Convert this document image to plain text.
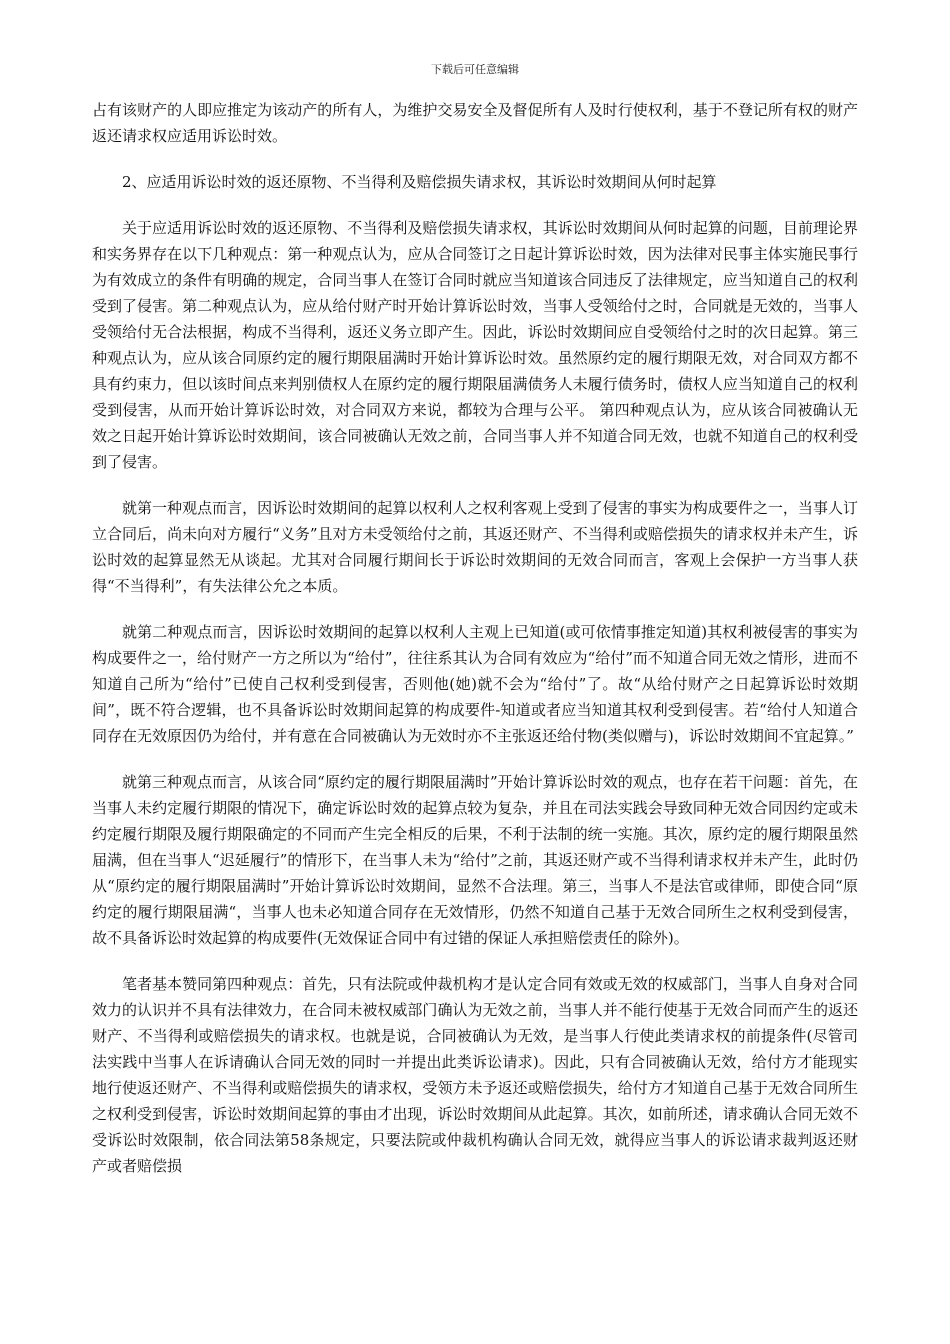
下载后可任意编辑

占有该财产的人即应推定为该动产的所有人，为维护交易安全及督促所有人及时行使权利，基于不登记所有权的财产返还请求权应适用诉讼时效。

2、应适用诉讼时效的返还原物、不当得利及赔偿损失请求权，其诉讼时效期间从何时起算

关于应适用诉讼时效的返还原物、不当得利及赔偿损失请求权，其诉讼时效期间从何时起算的问题，目前理论界和实务界存在以下几种观点：第一种观点认为，应从合同签订之日起计算诉讼时效，因为法律对民事主体实施民事行为有效成立的条件有明确的规定，合同当事人在签订合同时就应当知道该合同违反了法律规定，应当知道自己的权利受到了侵害。第二种观点认为，应从给付财产时开始计算诉讼时效，当事人受领给付之时，合同就是无效的，当事人受领给付无合法根据，构成不当得利，返还义务立即产生。因此，诉讼时效期间应自受领给付之时的次日起算。第三种观点认为，应从该合同原约定的履行期限届满时开始计算诉讼时效。虽然原约定的履行期限无效，对合同双方都不具有约束力，但以该时间点来判别债权人在原约定的履行期限届满债务人未履行债务时，债权人应当知道自己的权利受到侵害，从而开始计算诉讼时效，对合同双方来说，都较为合理与公平。 第四种观点认为，应从该合同被确认无效之日起开始计算诉讼时效期间，该合同被确认无效之前，合同当事人并不知道合同无效，也就不知道自己的权利受到了侵害。

就第一种观点而言，因诉讼时效期间的起算以权利人之权利客观上受到了侵害的事实为构成要件之一，当事人订立合同后，尚未向对方履行“义务”且对方未受领给付之前，其返还财产、不当得利或赔偿损失的请求权并未产生，诉讼时效的起算显然无从谈起。尤其对合同履行期间长于诉讼时效期间的无效合同而言，客观上会保护一方当事人获得“不当得利”，有失法律公允之本质。

就第二种观点而言，因诉讼时效期间的起算以权利人主观上已知道(或可依情事推定知道)其权利被侵害的事实为构成要件之一，给付财产一方之所以为“给付”，往往系其认为合同有效应为“给付”而不知道合同无效之情形，进而不知道自己所为“给付”已使自己权利受到侵害，否则他(她)就不会为“给付”了。故“从给付财产之日起算诉讼时效期间”，既不符合逻辑，也不具备诉讼时效期间起算的构成要件-知道或者应当知道其权利受到侵害。若“给付人知道合同存在无效原因仍为给付，并有意在合同被确认为无效时亦不主张返还给付物(类似赠与)，诉讼时效期间不宜起算。”

就第三种观点而言，从该合同“原约定的履行期限届满时”开始计算诉讼时效的观点，也存在若干问题：首先，在当事人未约定履行期限的情况下，确定诉讼时效的起算点较为复杂，并且在司法实践会导致同种无效合同因约定或未约定履行期限及履行期限确定的不同而产生完全相反的后果，不利于法制的统一实施。其次，原约定的履行期限虽然届满，但在当事人“迟延履行”的情形下，在当事人未为“给付”之前，其返还财产或不当得利请求权并未产生，此时仍从“原约定的履行期限届满时”开始计算诉讼时效期间，显然不合法理。第三，当事人不是法官或律师，即使合同“原约定的履行期限届满“，当事人也未必知道合同存在无效情形，仍然不知道自己基于无效合同所生之权利受到侵害，故不具备诉讼时效起算的构成要件(无效保证合同中有过错的保证人承担赔偿责任的除外)。

笔者基本赞同第四种观点：首先，只有法院或仲裁机构才是认定合同有效或无效的权威部门，当事人自身对合同效力的认识并不具有法律效力，在合同未被权威部门确认为无效之前，当事人并不能行使基于无效合同而产生的返还财产、不当得利或赔偿损失的请求权。也就是说，合同被确认为无效，是当事人行使此类请求权的前提条件(尽管司法实践中当事人在诉请确认合同无效的同时一并提出此类诉讼请求)。因此，只有合同被确认无效，给付方才能现实地行使返还财产、不当得利或赔偿损失的请求权，受领方未予返还或赔偿损失，给付方才知道自己基于无效合同所生之权利受到侵害，诉讼时效期间起算的事由才出现，诉讼时效期间从此起算。其次，如前所述，请求确认合同无效不受诉讼时效限制，依合同法第58条规定，只要法院或仲裁机构确认合同无效，就得应当事人的诉讼请求裁判返还财产或者赔偿损
